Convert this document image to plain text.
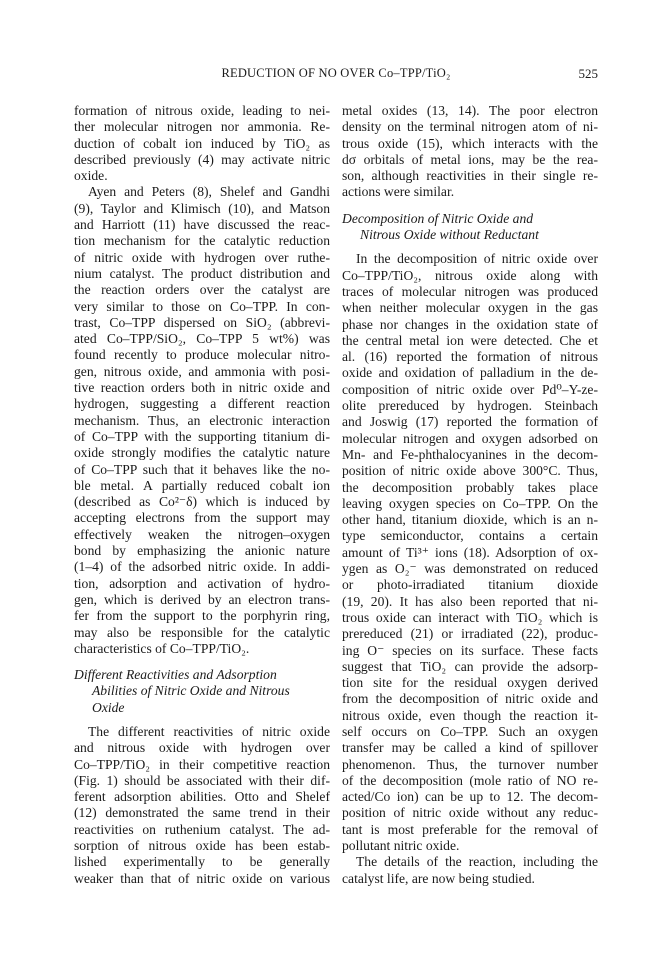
REDUCTION OF NO OVER Co–TPP/TiO₂	525
formation of nitrous oxide, leading to nei-
ther molecular nitrogen nor ammonia. Re-
duction of cobalt ion induced by TiO₂ as
described previously (4) may activate nitric
oxide.
Ayen and Peters (8), Shelef and Gandhi
(9), Taylor and Klimisch (10), and Matson
and Harriott (11) have discussed the reac-
tion mechanism for the catalytic reduction
of nitric oxide with hydrogen over ruthe-
nium catalyst. The product distribution and
the reaction orders over the catalyst are
very similar to those on Co–TPP. In con-
trast, Co–TPP dispersed on SiO₂ (abbrevi-
ated Co–TPP/SiO₂, Co–TPP 5 wt%) was
found recently to produce molecular nitro-
gen, nitrous oxide, and ammonia with posi-
tive reaction orders both in nitric oxide and
hydrogen, suggesting a different reaction
mechanism. Thus, an electronic interaction
of Co–TPP with the supporting titanium di-
oxide strongly modifies the catalytic nature
of Co–TPP such that it behaves like the no-
ble metal. A partially reduced cobalt ion
(described as Co²⁻δ) which is induced by
accepting electrons from the support may
effectively weaken the nitrogen–oxygen
bond by emphasizing the anionic nature
(1–4) of the adsorbed nitric oxide. In addi-
tion, adsorption and activation of hydro-
gen, which is derived by an electron trans-
fer from the support to the porphyrin ring,
may also be responsible for the catalytic
characteristics of Co–TPP/TiO₂.
Different Reactivities and Adsorption
Abilities of Nitric Oxide and Nitrous
Oxide
The different reactivities of nitric oxide
and nitrous oxide with hydrogen over
Co–TPP/TiO₂ in their competitive reaction
(Fig. 1) should be associated with their dif-
ferent adsorption abilities. Otto and Shelef
(12) demonstrated the same trend in their
reactivities on ruthenium catalyst. The ad-
sorption of nitrous oxide has been estab-
lished experimentally to be generally
weaker than that of nitric oxide on various
metal oxides (13, 14). The poor electron
density on the terminal nitrogen atom of ni-
trous oxide (15), which interacts with the
dσ orbitals of metal ions, may be the rea-
son, although reactivities in their single re-
actions were similar.
Decomposition of Nitric Oxide and
Nitrous Oxide without Reductant
In the decomposition of nitric oxide over
Co–TPP/TiO₂, nitrous oxide along with
traces of molecular nitrogen was produced
when neither molecular oxygen in the gas
phase nor changes in the oxidation state of
the central metal ion were detected. Che et
al. (16) reported the formation of nitrous
oxide and oxidation of palladium in the de-
composition of nitric oxide over Pd⁰–Y-ze-
olite prereduced by hydrogen. Steinbach
and Joswig (17) reported the formation of
molecular nitrogen and oxygen adsorbed on
Mn- and Fe-phthalocyanines in the decom-
position of nitric oxide above 300°C. Thus,
the decomposition probably takes place
leaving oxygen species on Co–TPP. On the
other hand, titanium dioxide, which is an n-
type semiconductor, contains a certain
amount of Ti³⁺ ions (18). Adsorption of ox-
ygen as O₂⁻ was demonstrated on reduced
or photo-irradiated titanium dioxide
(19, 20). It has also been reported that ni-
trous oxide can interact with TiO₂ which is
prereduced (21) or irradiated (22), produc-
ing O⁻ species on its surface. These facts
suggest that TiO₂ can provide the adsorp-
tion site for the residual oxygen derived
from the decomposition of nitric oxide and
nitrous oxide, even though the reaction it-
self occurs on Co–TPP. Such an oxygen
transfer may be called a kind of spillover
phenomenon. Thus, the turnover number
of the decomposition (mole ratio of NO re-
acted/Co ion) can be up to 12. The decom-
position of nitric oxide without any reduc-
tant is most preferable for the removal of
pollutant nitric oxide.
The details of the reaction, including the
catalyst life, are now being studied.
